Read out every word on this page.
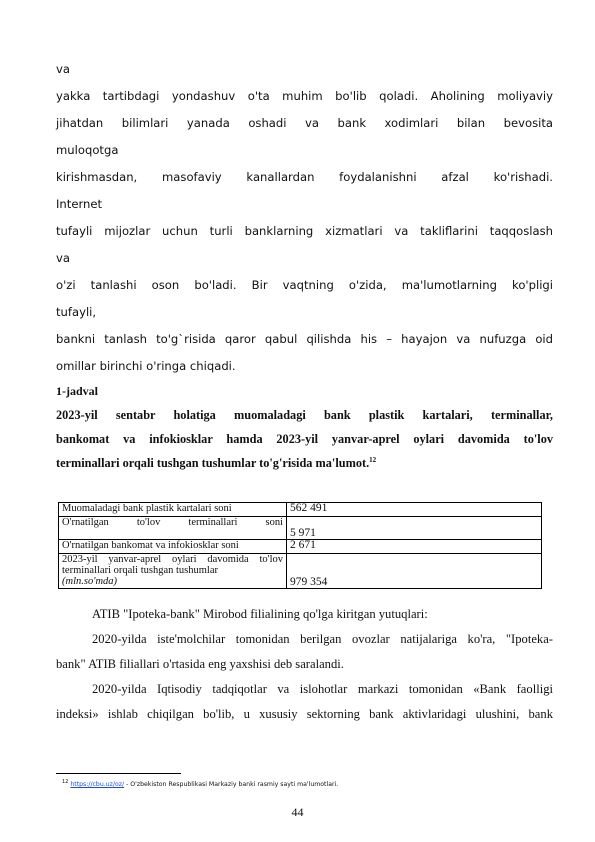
va
yakka tartibdagi yondashuv o'ta muhim bo'lib qoladi. Aholining moliyaviy
jihatdan bilimlari yanada oshadi va bank xodimlari bilan bevosita
muloqotga
kirishmasdan, masofaviy kanallardan foydalanishni afzal ko'rishadi.
Internet
tufayli mijozlar uchun turli banklarning xizmatlari va takliflarini taqqoslash
va
o'zi tanlashi oson bo'ladi. Bir vaqtning o'zida, ma'lumotlarning ko'pligi
tufayli,
bankni tanlash to'g`risida qaror qabul qilishda his – hayajon va nufuzga oid
omillar birinchi o'ringa chiqadi.
1-jadval
2023-yil sentabr holatiga muomaladagi bank plastik kartalari, terminallar,
bankomat va infokiosklar hamda 2023-yil yanvar-aprel oylari davomida to'lov
terminallari orqali tushgan tushumlar to'g'risida ma'lumot.$^{12}$
Muomaladagi bank plastik kartalari soni	562 491
O'rnatilgan to'lov terminallari soni	5 971
O'rnatilgan bankomat va infokiosklar soni	2 671

2023-yil yanvar-aprel oylari davomida to'lov terminallari orqali tushgan tushumlar
(mln.so'mda)	979 354
ATIB "Ipoteka-bank" Mirobod filialining qo'lga kiritgan yutuqlari:
2020-yilda iste'molchilar tomonidan berilgan ovozlar natijalariga ko'ra, "Ipoteka-
bank" ATIB filiallari o'rtasida eng yaxshisi deb saralandi.
2020-yilda Iqtisodiy tadqiqotlar va islohotlar markazi tomonidan «Bank faolligi
indeksi» ishlab chiqilgan bo'lib, u xususiy sektorning bank aktivlaridagi ulushini, bank
$^{12}$ https://cbu.uz/oz/ - O'zbekiston Respublikasi Markaziy banki rasmiy sayti ma'lumotlari.
44
